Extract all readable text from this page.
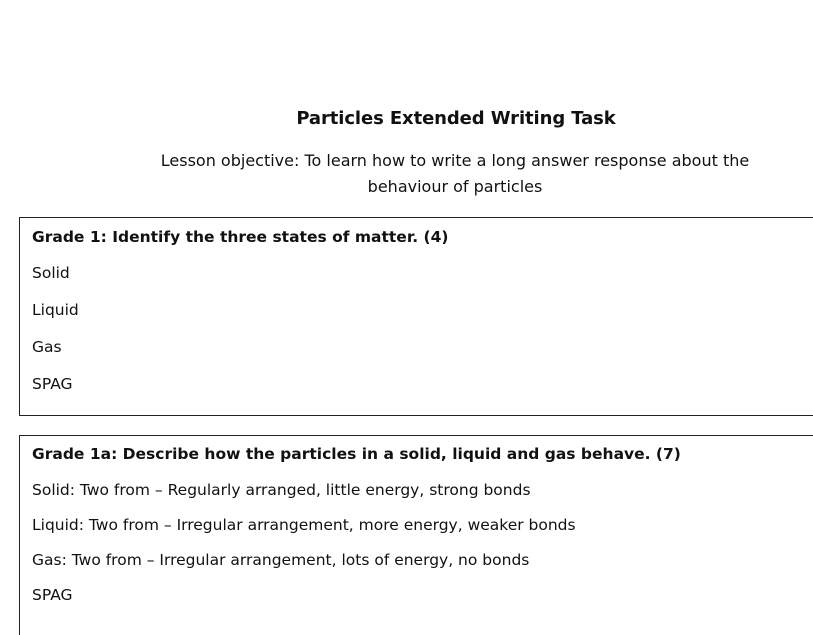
Particles Extended Writing Task
Lesson objective: To learn how to write a long answer response about the behaviour of particles
Grade 1: Identify the three states of matter. (4)
Solid
Liquid
Gas
SPAG
Grade 1a: Describe how the particles in a solid, liquid and gas behave. (7)
Solid: Two from – Regularly arranged, little energy, strong bonds
Liquid: Two from – Irregular arrangement, more energy, weaker bonds
Gas: Two from – Irregular arrangement, lots of energy, no bonds
SPAG
